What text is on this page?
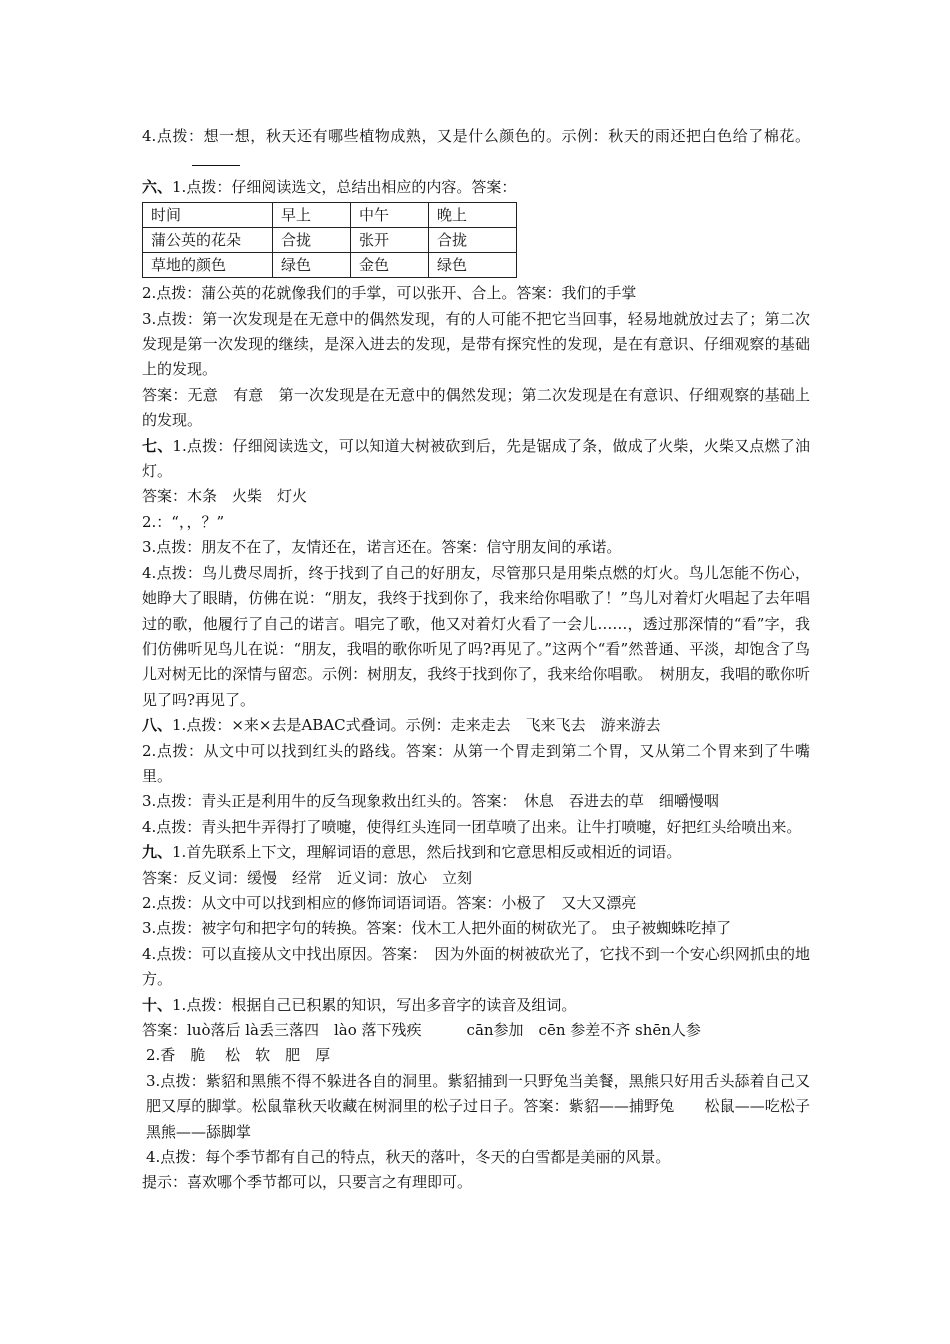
4.点拨：想一想，秋天还有哪些植物成熟，又是什么颜色的。示例：秋天的雨还把白色给了棉花。

六、1.点拨：仔细阅读选文，总结出相应的内容。答案：

时间	早上	中午	晚上
蒲公英的花朵	合拢	张开	合拢
草地的颜色	绿色	金色	绿色

2.点拨：蒲公英的花就像我们的手掌，可以张开、合上。答案：我们的手掌

3.点拨：第一次发现是在无意中的偶然发现，有的人可能不把它当回事，轻易地就放过去了；第二次发现是第一次发现的继续，是深入进去的发现，是带有探究性的发现，是在有意识、仔细观察的基础上的发现。

答案：无意　有意　第一次发现是在无意中的偶然发现；第二次发现是在有意识、仔细观察的基础上的发现。

七、1.点拨：仔细阅读选文，可以知道大树被砍到后，先是锯成了条，做成了火柴，火柴又点燃了油灯。

答案：木条　火柴　灯火

2.：“，，？”

3.点拨：朋友不在了，友情还在，诺言还在。答案：信守朋友间的承诺。

4.点拨：鸟儿费尽周折，终于找到了自己的好朋友，尽管那只是用柴点燃的灯火。鸟儿怎能不伤心，她睁大了眼睛，仿佛在说：“朋友，我终于找到你了，我来给你唱歌了！”鸟儿对着灯火唱起了去年唱过的歌，他履行了自己的诺言。唱完了歌，他又对着灯火看了一会儿……，透过那深情的“看”字，我们仿佛听见鸟儿在说：“朋友，我唱的歌你听见了吗?再见了。”这两个“看”然普通、平淡，却饱含了鸟儿对树无比的深情与留恋。示例：树朋友，我终于找到你了，我来给你唱歌。　树朋友，我唱的歌你听见了吗?再见了。

八、1.点拨：×来×去是ABAC式叠词。示例：走来走去　飞来飞去　游来游去

2.点拨：从文中可以找到红头的路线。答案：从第一个胃走到第二个胃，又从第二个胃来到了牛嘴里。

3.点拨：青头正是利用牛的反刍现象救出红头的。答案：　休息　吞进去的草　细嚼慢咽

4.点拨：青头把牛弄得打了喷嚏，使得红头连同一团草喷了出来。让牛打喷嚏，好把红头给喷出来。

九、1.首先联系上下文，理解词语的意思，然后找到和它意思相反或相近的词语。

答案：反义词：缓慢　经常　近义词：放心　立刻

2.点拨：从文中可以找到相应的修饰词语词语。答案：小极了　又大又漂亮

3.点拨：被字句和把字句的转换。答案：伐木工人把外面的树砍光了。 虫子被蜘蛛吃掉了

4.点拨：可以直接从文中找出原因。答案：　因为外面的树被砍光了，它找不到一个安心织网抓虫的地方。

十、1.点拨：根据自己已积累的知识，写出多音字的读音及组词。

答案：luò落后 là丢三落四　lào 落下残疾　　　cān参加　cēn 参差不齐 shēn人参

2.香　脆　 松　软　肥　厚

3.点拨：紫貂和黑熊不得不躲进各自的洞里。紫貂捕到一只野兔当美餐，黑熊只好用舌头舔着自己又肥又厚的脚掌。松鼠靠秋天收藏在树洞里的松子过日子。答案：紫貂——捕野兔　　松鼠——吃松子　　黑熊——舔脚掌

4.点拨：每个季节都有自己的特点，秋天的落叶，冬天的白雪都是美丽的风景。

提示：喜欢哪个季节都可以，只要言之有理即可。
